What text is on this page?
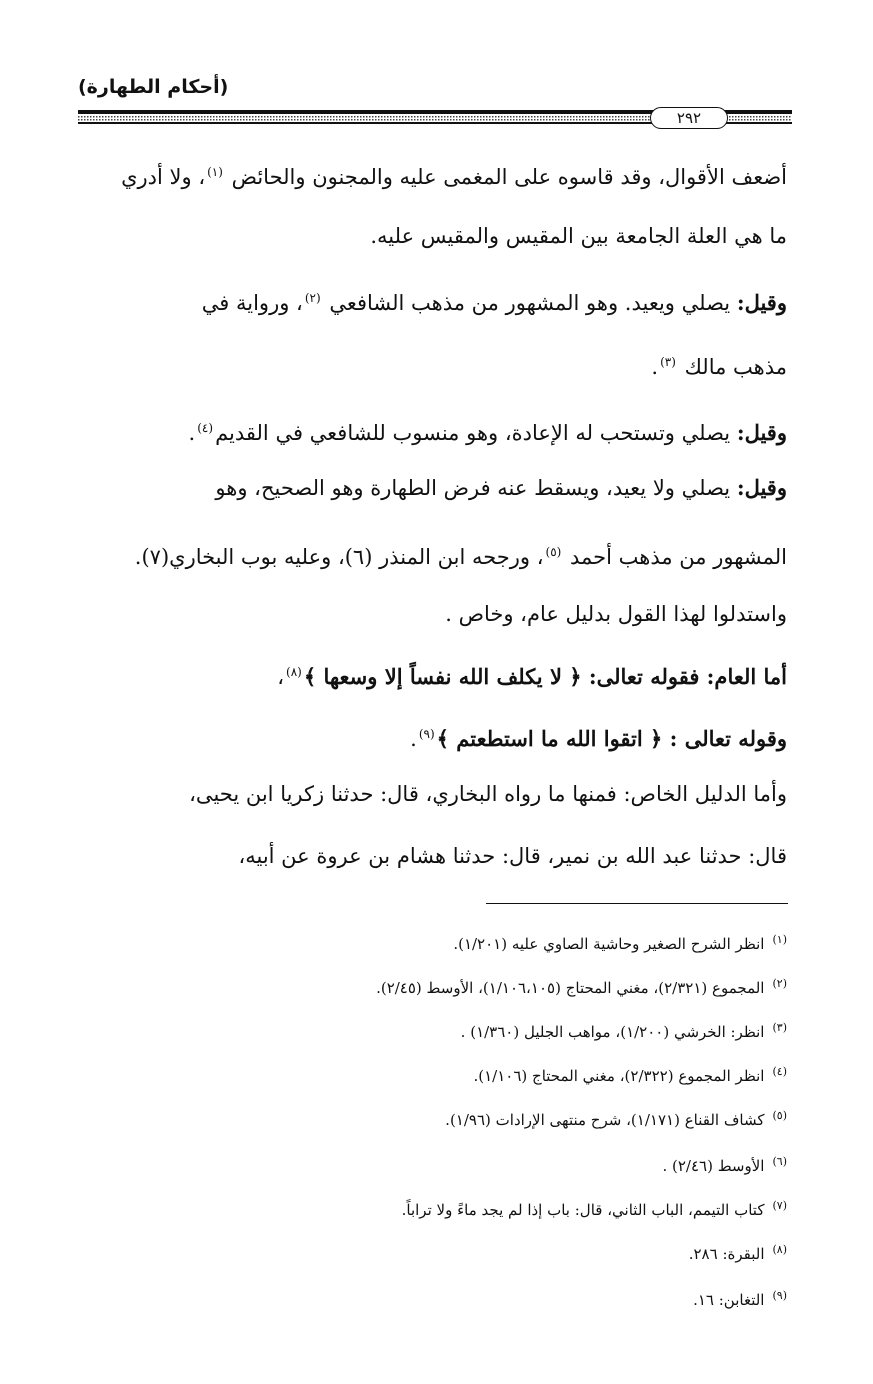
(أحكام الطهارة)
٢٩٢
أضعف الأقوال، وقد قاسوه على المغمى عليه والمجنون والحائض $^{(١)}$، ولا أدري
ما هي العلة الجامعة بين المقيس والمقيس عليه.
وقيل: يصلي ويعيد. وهو المشهور من مذهب الشافعي $^{(٢)}$، ورواية في
مذهب مالك $^{(٣)}$.
وقيل: يصلي وتستحب له الإعادة، وهو منسوب للشافعي في القديم$^{(٤)}$.
وقيل: يصلي ولا يعيد، ويسقط عنه فرض الطهارة وهو الصحيح، وهو
المشهور من مذهب أحمد $^{(٥)}$، ورجحه ابن المنذر (٦)، وعليه بوب البخاري(٧).
واستدلوا لهذا القول بدليل عام، وخاص .
أما العام: فقوله تعالى: ﴿ لا يكلف الله نفساً إلا وسعها ﴾$^{(٨)}$،
وقوله تعالى : ﴿ اتقوا الله ما استطعتم ﴾$^{(٩)}$.
وأما الدليل الخاص: فمنها ما رواه البخاري، قال: حدثنا زكريا ابن يحيى،
قال: حدثنا عبد الله بن نمير، قال: حدثنا هشام بن عروة عن أبيه،
$^{(١)}$انظر الشرح الصغير وحاشية الصاوي عليه (١/٢٠١).
$^{(٢)}$المجموع (٢/٣٢١)، مغني المحتاج (١/١٠٦،١٠٥)، الأوسط (٢/٤٥).
$^{(٣)}$انظر: الخرشي (١/٢٠٠)، مواهب الجليل (١/٣٦٠) .
$^{(٤)}$انظر المجموع (٢/٣٢٢)، مغني المحتاج (١/١٠٦).
$^{(٥)}$كشاف القناع (١/١٧١)، شرح منتهى الإرادات (١/٩٦).
$^{(٦)}$الأوسط (٢/٤٦) .
$^{(٧)}$كتاب التيمم، الباب الثاني، قال: باب إذا لم يجد ماءً ولا تراباً.
$^{(٨)}$البقرة: ٢٨٦.
$^{(٩)}$التغابن: ١٦.
